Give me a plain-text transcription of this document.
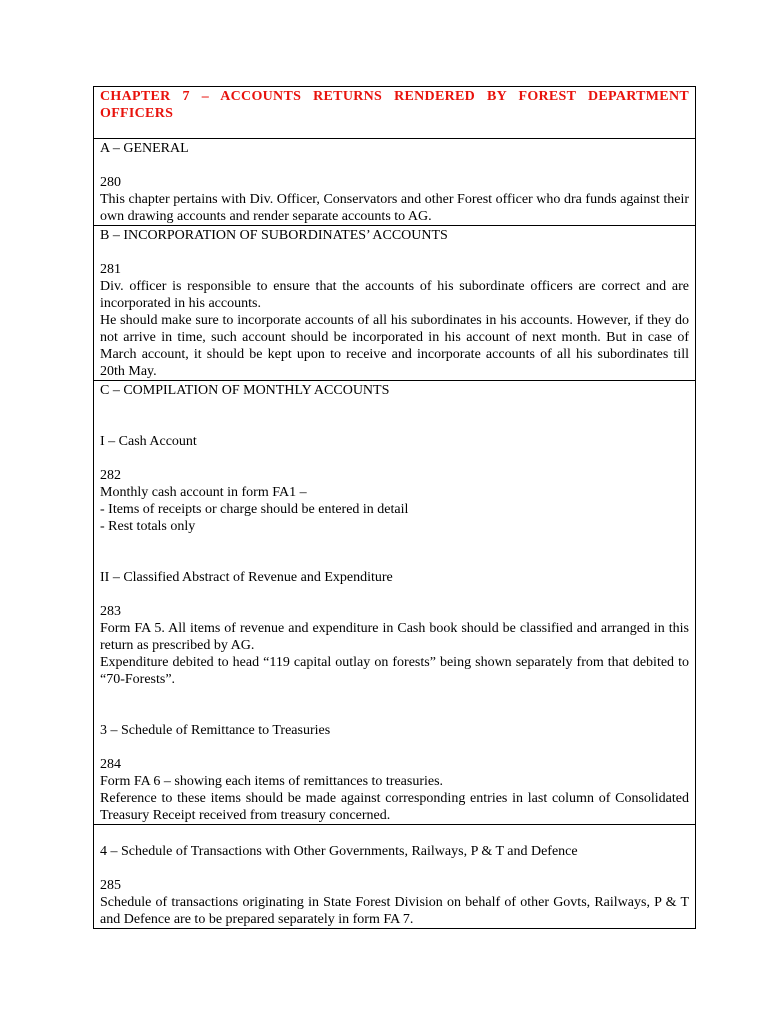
CHAPTER 7 – ACCOUNTS RETURNS RENDERED BY FOREST DEPARTMENT OFFICERS

A – GENERAL

280

This chapter pertains with Div. Officer, Conservators and other Forest officer who dra funds against their own drawing accounts and render separate accounts to AG.

B – INCORPORATION OF SUBORDINATES’ ACCOUNTS

281

Div. officer is responsible to ensure that the accounts of his subordinate officers are correct and are incorporated in his accounts.

He should make sure to incorporate accounts of all his subordinates in his accounts. However, if they do not arrive in time, such account should be incorporated in his account of next month. But in case of March account, it should be kept upon to receive and incorporate accounts of all his subordinates till 20th May.

C – COMPILATION OF MONTHLY ACCOUNTS

I – Cash Account

282

Monthly cash account in form FA1 –

- Items of receipts or charge should be entered in detail

- Rest totals only

II – Classified Abstract of Revenue and Expenditure

283

Form FA 5. All items of revenue and expenditure in Cash book should be classified and arranged in this return as prescribed by AG.

Expenditure debited to head “119 capital outlay on forests” being shown separately from that debited to “70-Forests”.

3 – Schedule of Remittance to Treasuries

284

Form FA 6 – showing each items of remittances to treasuries.

Reference to these items should be made against corresponding entries in last column of Consolidated Treasury Receipt received from treasury concerned.

4 – Schedule of Transactions with Other Governments, Railways, P & T and Defence

285

Schedule of transactions originating in State Forest Division on behalf of other Govts, Railways, P & T and Defence are to be prepared separately in form FA 7.
